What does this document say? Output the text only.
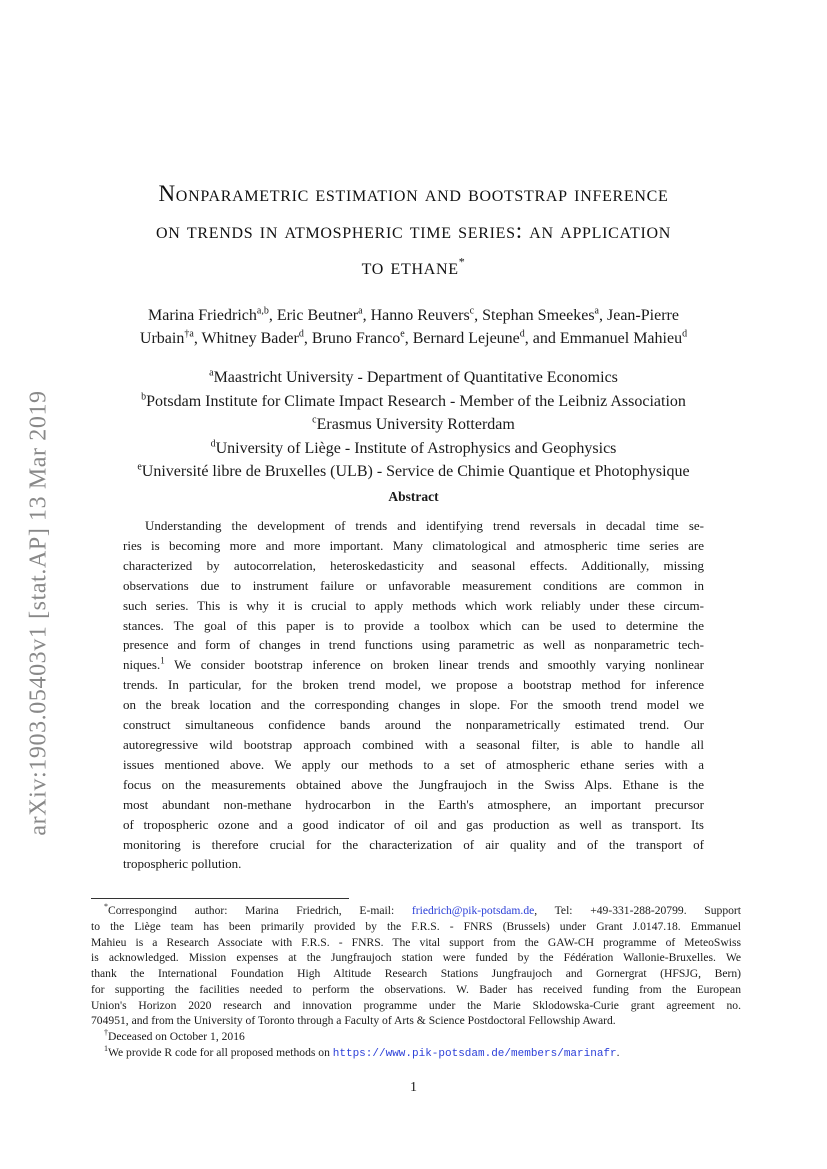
arXiv:1903.05403v1 [stat.AP] 13 Mar 2019
Nonparametric estimation and bootstrap inference
on trends in atmospheric time series: an application
to ethane*
Marina Friedrich$^{a,b}$, Eric Beutner$^a$, Hanno Reuvers$^c$, Stephan Smeekes$^a$, Jean-Pierre
Urbain$^{\dagger a}$, Whitney Bader$^d$, Bruno Franco$^e$, Bernard Lejeune$^d$, and Emmanuel Mahieu$^d$
$^a$Maastricht University - Department of Quantitative Economics
$^b$Potsdam Institute for Climate Impact Research - Member of the Leibniz Association
$^c$Erasmus University Rotterdam
$^d$University of Liège - Institute of Astrophysics and Geophysics
$^e$Université libre de Bruxelles (ULB) - Service de Chimie Quantique et Photophysique
Abstract
Understanding the development of trends and identifying trend reversals in decadal time se-
ries is becoming more and more important. Many climatological and atmospheric time series are
characterized by autocorrelation, heteroskedasticity and seasonal effects. Additionally, missing
observations due to instrument failure or unfavorable measurement conditions are common in
such series. This is why it is crucial to apply methods which work reliably under these circum-
stances. The goal of this paper is to provide a toolbox which can be used to determine the
presence and form of changes in trend functions using parametric as well as nonparametric tech-
niques.$^1$ We consider bootstrap inference on broken linear trends and smoothly varying nonlinear
trends. In particular, for the broken trend model, we propose a bootstrap method for inference
on the break location and the corresponding changes in slope. For the smooth trend model we
construct simultaneous confidence bands around the nonparametrically estimated trend. Our
autoregressive wild bootstrap approach combined with a seasonal filter, is able to handle all
issues mentioned above. We apply our methods to a set of atmospheric ethane series with a
focus on the measurements obtained above the Jungfraujoch in the Swiss Alps. Ethane is the
most abundant non-methane hydrocarbon in the Earth's atmosphere, an important precursor
of tropospheric ozone and a good indicator of oil and gas production as well as transport. Its
monitoring is therefore crucial for the characterization of air quality and of the transport of
tropospheric pollution.
*Correspongind author: Marina Friedrich, E-mail: friedrich@pik-potsdam.de, Tel: +49-331-288-20799. Support
to the Liège team has been primarily provided by the F.R.S. - FNRS (Brussels) under Grant J.0147.18. Emmanuel
Mahieu is a Research Associate with F.R.S. - FNRS. The vital support from the GAW-CH programme of MeteoSwiss
is acknowledged. Mission expenses at the Jungfraujoch station were funded by the Fédération Wallonie-Bruxelles. We
thank the International Foundation High Altitude Research Stations Jungfraujoch and Gornergrat (HFSJG, Bern)
for supporting the facilities needed to perform the observations. W. Bader has received funding from the European
Union's Horizon 2020 research and innovation programme under the Marie Sklodowska-Curie grant agreement no.
704951, and from the University of Toronto through a Faculty of Arts & Science Postdoctoral Fellowship Award.
†Deceased on October 1, 2016
$^1$We provide R code for all proposed methods on https://www.pik-potsdam.de/members/marinafr.
1
